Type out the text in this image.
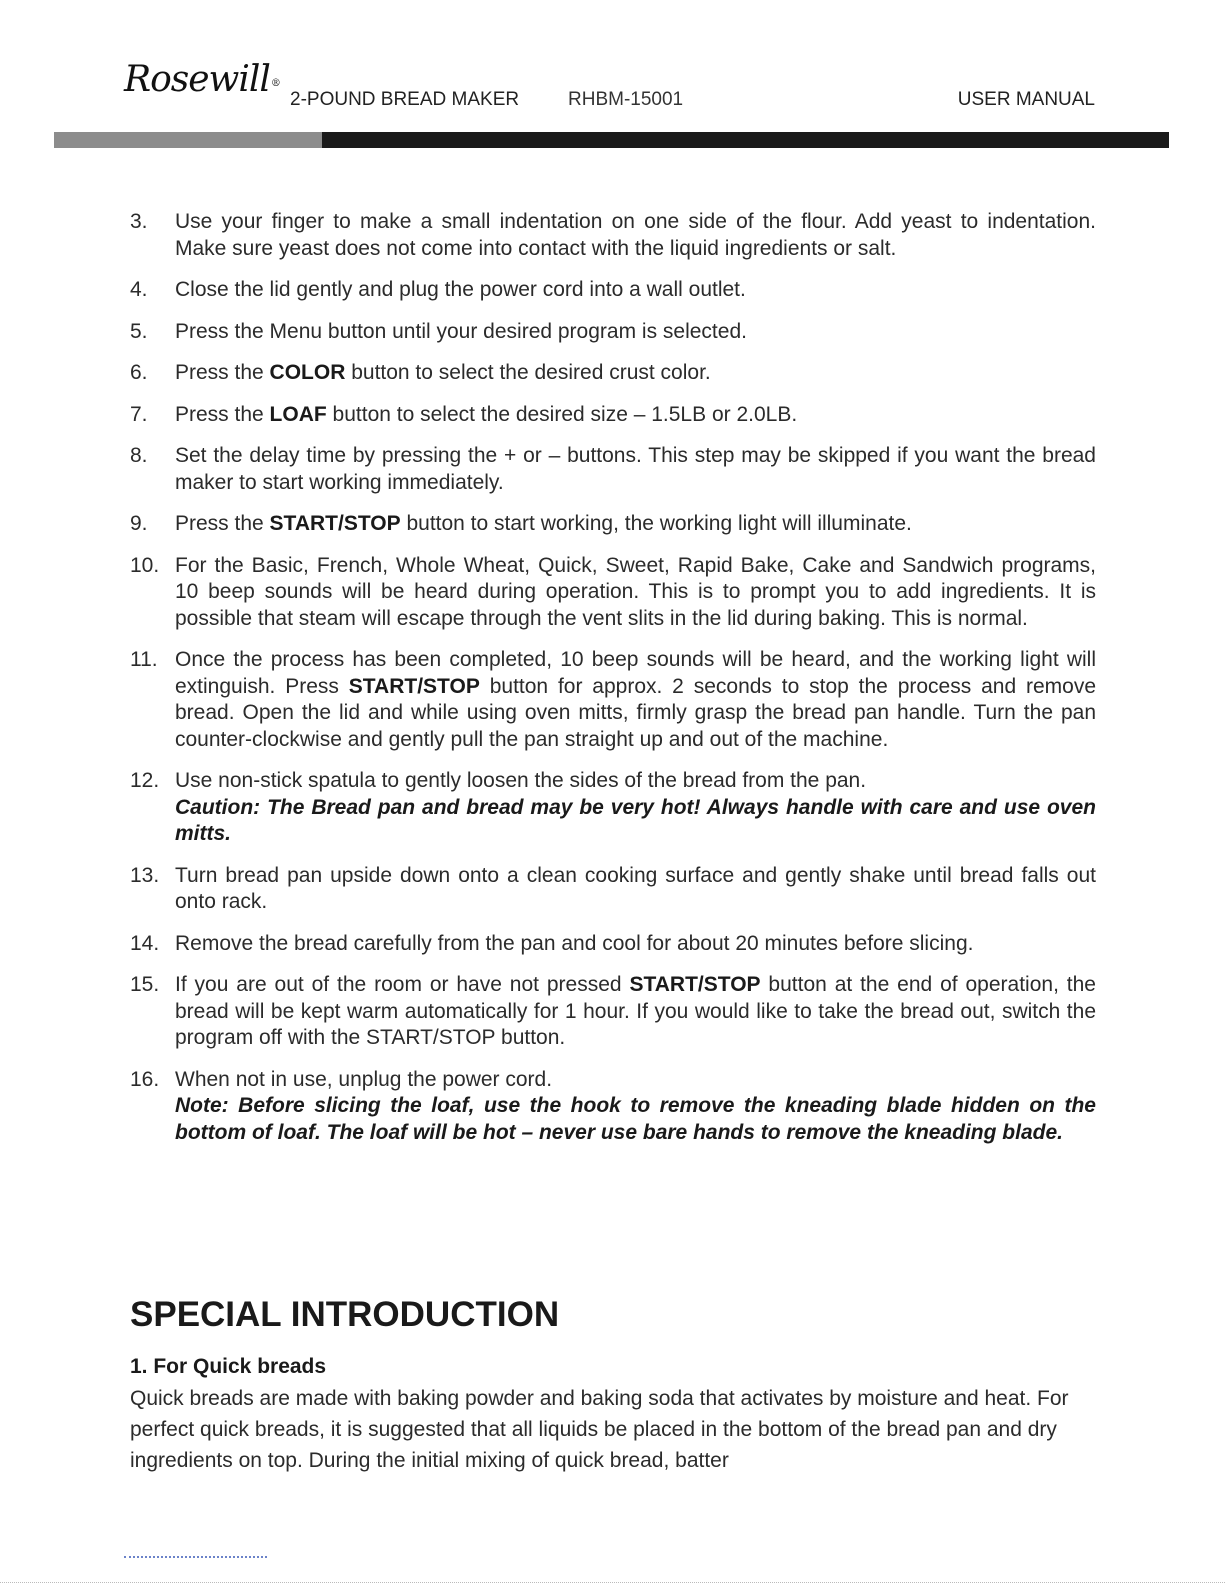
Rosewill®
2-POUND BREAD MAKER	RHBM-15001	USER MANUAL
3.	Use your finger to make a small indentation on one side of the flour. Add yeast to indentation. Make sure yeast does not come into contact with the liquid ingredients or salt.
4.	Close the lid gently and plug the power cord into a wall outlet.
5.	Press the Menu button until your desired program is selected.
6.	Press the COLOR button to select the desired crust color.
7.	Press the LOAF button to select the desired size – 1.5LB or 2.0LB.
8.	Set the delay time by pressing the + or – buttons. This step may be skipped if you want the bread maker to start working immediately.
9.	Press the START/STOP button to start working, the working light will illuminate.
10. For the Basic, French, Whole Wheat, Quick, Sweet, Rapid Bake, Cake and Sandwich programs, 10 beep sounds will be heard during operation. This is to prompt you to add ingredients. It is possible that steam will escape through the vent slits in the lid during baking. This is normal.
11. Once the process has been completed, 10 beep sounds will be heard, and the working light will extinguish. Press START/STOP button for approx. 2 seconds to stop the process and remove bread. Open the lid and while using oven mitts, firmly grasp the bread pan handle. Turn the pan counter-clockwise and gently pull the pan straight up and out of the machine.
12. Use non-stick spatula to gently loosen the sides of the bread from the pan.
Caution: The Bread pan and bread may be very hot! Always handle with care and use oven mitts.
13. Turn bread pan upside down onto a clean cooking surface and gently shake until bread falls out onto rack.
14. Remove the bread carefully from the pan and cool for about 20 minutes before slicing.
15. If you are out of the room or have not pressed START/STOP button at the end of operation, the bread will be kept warm automatically for 1 hour. If you would like to take the bread out, switch the program off with the START/STOP button.
16. When not in use, unplug the power cord.
Note: Before slicing the loaf, use the hook to remove the kneading blade hidden on the bottom of loaf. The loaf will be hot – never use bare hands to remove the kneading blade.
SPECIAL INTRODUCTION
1. For Quick breads

Quick breads are made with baking powder and baking soda that activates by moisture and heat. For perfect quick breads, it is suggested that all liquids be placed in the bottom of the bread pan and dry ingredients on top. During the initial mixing of quick bread, batter
